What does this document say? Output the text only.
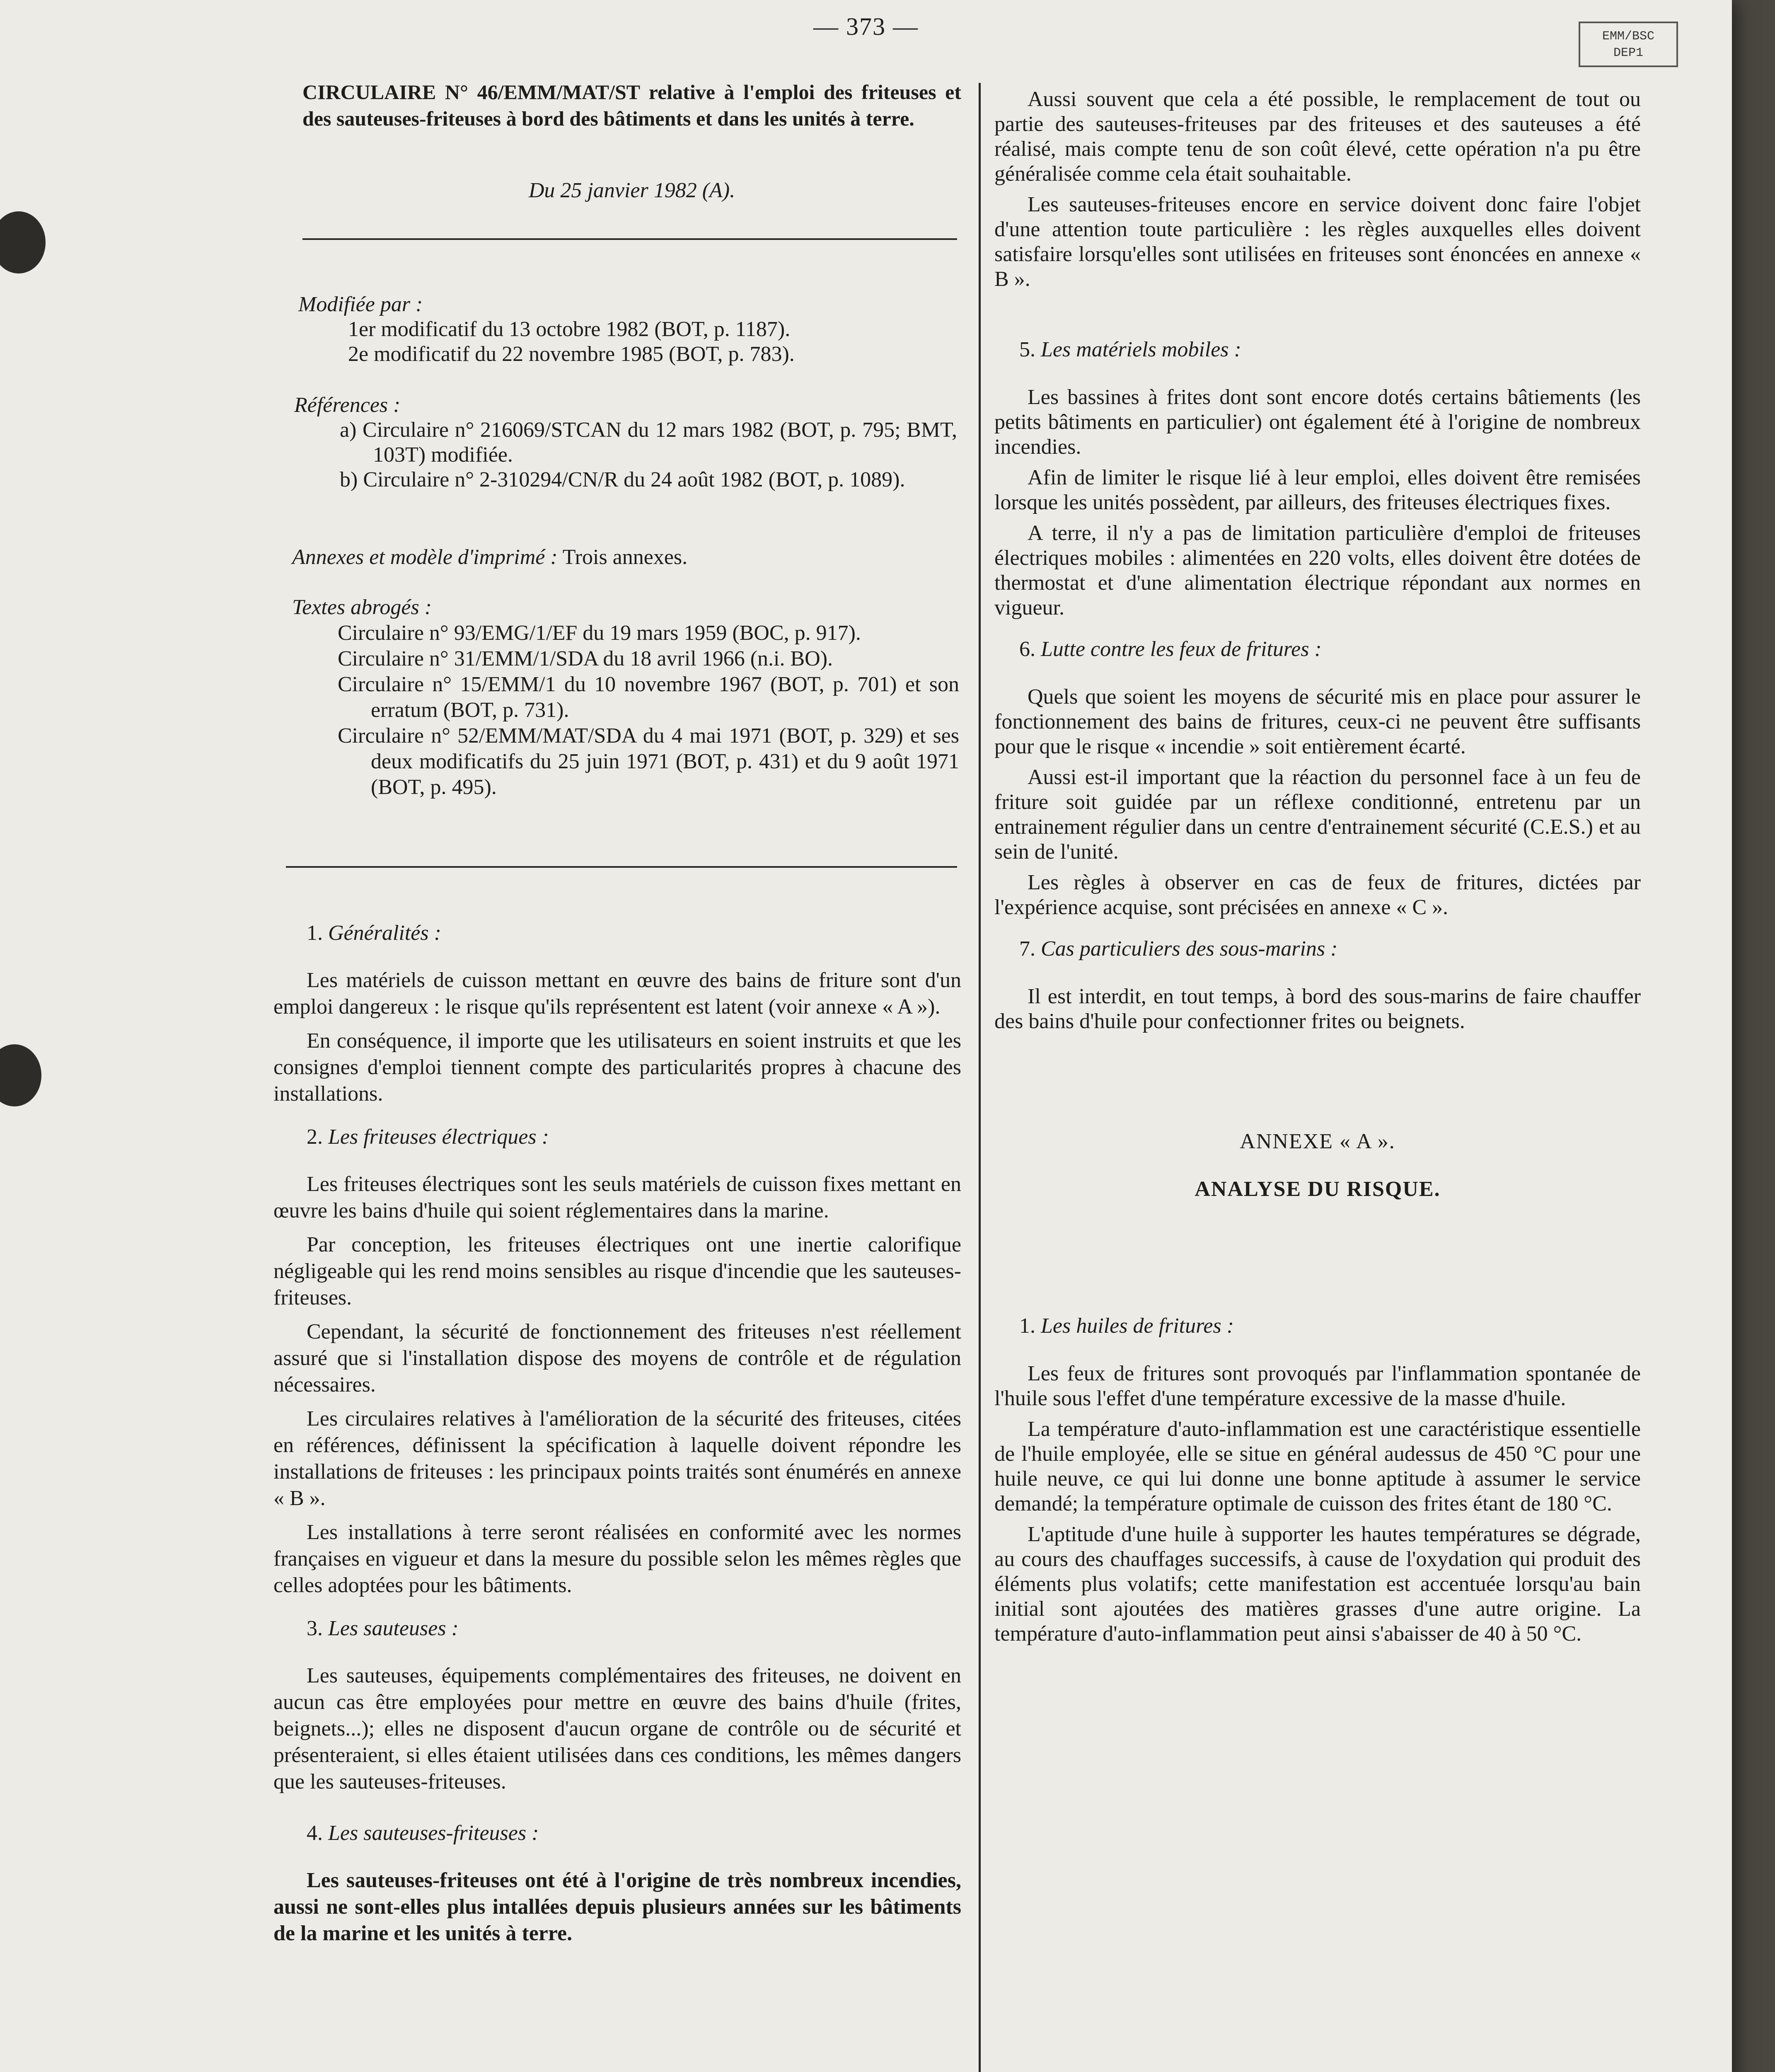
— 373 —	EMM/BSC
DEP1

CIRCULAIRE N° 46/EMM/MAT/ST relative à l'emploi des friteuses et des sauteuses-friteuses à bord des bâtiments et dans les unités à terre.

Du 25 janvier 1982 (A).

Modifiée par :
1er modificatif du 13 octobre 1982 (BOT, p. 1187).
2e modificatif du 22 novembre 1985 (BOT, p. 783).
Références :
a) Circulaire n° 216069/STCAN du 12 mars 1982 (BOT, p. 795; BMT, 103T) modifiée.
b) Circulaire n° 2-310294/CN/R du 24 août 1982 (BOT, p. 1089).
Annexes et modèle d'imprimé : Trois annexes.
Textes abrogés :
Circulaire n° 93/EMG/1/EF du 19 mars 1959 (BOC, p. 917).
Circulaire n° 31/EMM/1/SDA du 18 avril 1966 (n.i. BO).
Circulaire n° 15/EMM/1 du 10 novembre 1967 (BOT, p. 701) et son erratum (BOT, p. 731).
Circulaire n° 52/EMM/MAT/SDA du 4 mai 1971 (BOT, p. 329) et ses deux modificatifs du 25 juin 1971 (BOT, p. 431) et du 9 août 1971 (BOT, p. 495).
1. Généralités :

Les matériels de cuisson mettant en œuvre des bains de friture sont d'un emploi dangereux : le risque qu'ils représentent est latent (voir annexe « A »).

En conséquence, il importe que les utilisateurs en soient instruits et que les consignes d'emploi tiennent compte des particularités propres à chacune des installations.

2. Les friteuses électriques :

Les friteuses électriques sont les seuls matériels de cuisson fixes mettant en œuvre les bains d'huile qui soient réglementaires dans la marine.

Par conception, les friteuses électriques ont une inertie calorifique négligeable qui les rend moins sensibles au risque d'incendie que les sauteuses-friteuses.

Cependant, la sécurité de fonctionnement des friteuses n'est réellement assuré que si l'installation dispose des moyens de contrôle et de régulation nécessaires.

Les circulaires relatives à l'amélioration de la sécurité des friteuses, citées en références, définissent la spécification à laquelle doivent répondre les installations de friteuses : les principaux points traités sont énumérés en annexe « B ».

Les installations à terre seront réalisées en conformité avec les normes françaises en vigueur et dans la mesure du possible selon les mêmes règles que celles adoptées pour les bâtiments.

3. Les sauteuses :

Les sauteuses, équipements complémentaires des friteuses, ne doivent en aucun cas être employées pour mettre en œuvre des bains d'huile (frites, beignets...); elles ne disposent d'aucun organe de contrôle ou de sécurité et présenteraient, si elles étaient utilisées dans ces conditions, les mêmes dangers que les sauteuses-friteuses.

4. Les sauteuses-friteuses :

Les sauteuses-friteuses ont été à l'origine de très nombreux incendies, aussi ne sont-elles plus intallées depuis plusieurs années sur les bâtiments de la marine et les unités à terre.

Aussi souvent que cela a été possible, le remplacement de tout ou partie des sauteuses-friteuses par des friteuses et des sauteuses a été réalisé, mais compte tenu de son coût élevé, cette opération n'a pu être généralisée comme cela était souhaitable.

Les sauteuses-friteuses encore en service doivent donc faire l'objet d'une attention toute particulière : les règles auxquelles elles doivent satisfaire lorsqu'elles sont utilisées en friteuses sont énoncées en annexe « B ».

5. Les matériels mobiles :

Les bassines à frites dont sont encore dotés certains bâtiements (les petits bâtiments en particulier) ont également été à l'origine de nombreux incendies.

Afin de limiter le risque lié à leur emploi, elles doivent être remisées lorsque les unités possèdent, par ailleurs, des friteuses électriques fixes.

A terre, il n'y a pas de limitation particulière d'emploi de friteuses électriques mobiles : alimentées en 220 volts, elles doivent être dotées de thermostat et d'une alimentation électrique répondant aux normes en vigueur.

6. Lutte contre les feux de fritures :

Quels que soient les moyens de sécurité mis en place pour assurer le fonctionnement des bains de fritures, ceux-ci ne peuvent être suffisants pour que le risque « incendie » soit entièrement écarté.

Aussi est-il important que la réaction du personnel face à un feu de friture soit guidée par un réflexe conditionné, entretenu par un entrainement régulier dans un centre d'entrainement sécurité (C.E.S.) et au sein de l'unité.

Les règles à observer en cas de feux de fritures, dictées par l'expérience acquise, sont précisées en annexe « C ».

7. Cas particuliers des sous-marins :

Il est interdit, en tout temps, à bord des sous-marins de faire chauffer des bains d'huile pour confectionner frites ou beignets.

ANNEXE « A ».
ANALYSE DU RISQUE.
1. Les huiles de fritures :

Les feux de fritures sont provoqués par l'inflammation spontanée de l'huile sous l'effet d'une température excessive de la masse d'huile.

La température d'auto-inflammation est une caractéristique essentielle de l'huile employée, elle se situe en général audessus de 450 °C pour une huile neuve, ce qui lui donne une bonne aptitude à assumer le service demandé; la température optimale de cuisson des frites étant de 180 °C.

L'aptitude d'une huile à supporter les hautes températures se dégrade, au cours des chauffages successifs, à cause de l'oxydation qui produit des éléments plus volatifs; cette manifestation est accentuée lorsqu'au bain initial sont ajoutées des matières grasses d'une autre origine. La température d'auto-inflammation peut ainsi s'abaisser de 40 à 50 °C.
